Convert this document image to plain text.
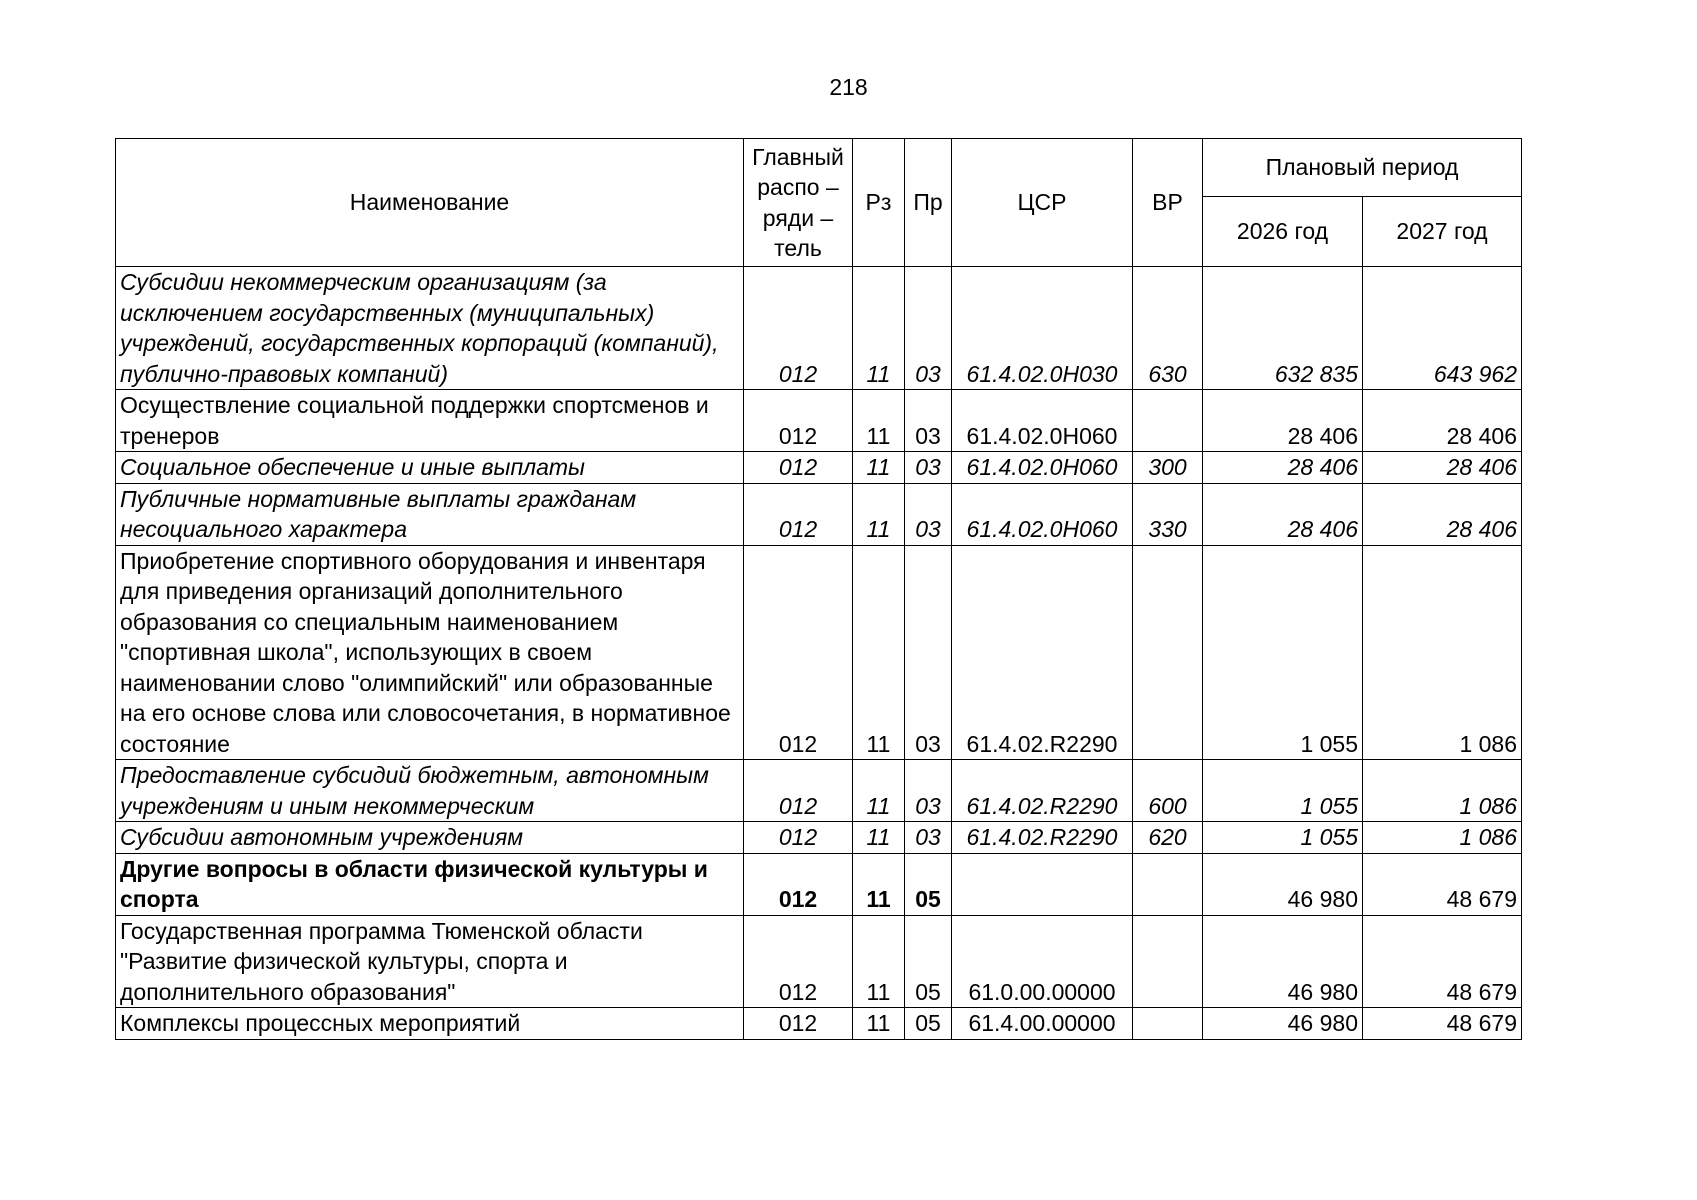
218
Наименование	Главный распо – ряди – тель	Рз	Пр	ЦСР	ВР	Плановый период	
						2026 год	2027 год
Субсидии некоммерческим организациям (за исключением государственных (муниципальных) учреждений, государственных корпораций (компаний), публично-правовых компаний)	012	11	03	61.4.02.0Н030	630	632 835	643 962
Осуществление социальной поддержки спортсменов и тренеров	012	11	03	61.4.02.0Н060		28 406	28 406
Социальное обеспечение и иные выплаты	012	11	03	61.4.02.0Н060	300	28 406	28 406
Публичные нормативные выплаты гражданам несоциального характера	012	11	03	61.4.02.0Н060	330	28 406	28 406
Приобретение спортивного оборудования и инвентаря для приведения организаций дополнительного образования со специальным наименованием "спортивная школа", использующих в своем наименовании слово "олимпийский" или образованные на его основе слова или словосочетания, в нормативное состояние	012	11	03	61.4.02.R2290		1 055	1 086
Предоставление субсидий бюджетным, автономным учреждениям и иным некоммерческим	012	11	03	61.4.02.R2290	600	1 055	1 086
Субсидии автономным учреждениям	012	11	03	61.4.02.R2290	620	1 055	1 086
Другие вопросы в области физической культуры и спорта	012	11	05			46 980	48 679
Государственная программа Тюменской области "Развитие физической культуры, спорта и дополнительного образования"	012	11	05	61.0.00.00000		46 980	48 679
Комплексы процессных мероприятий	012	11	05	61.4.00.00000		46 980	48 679
